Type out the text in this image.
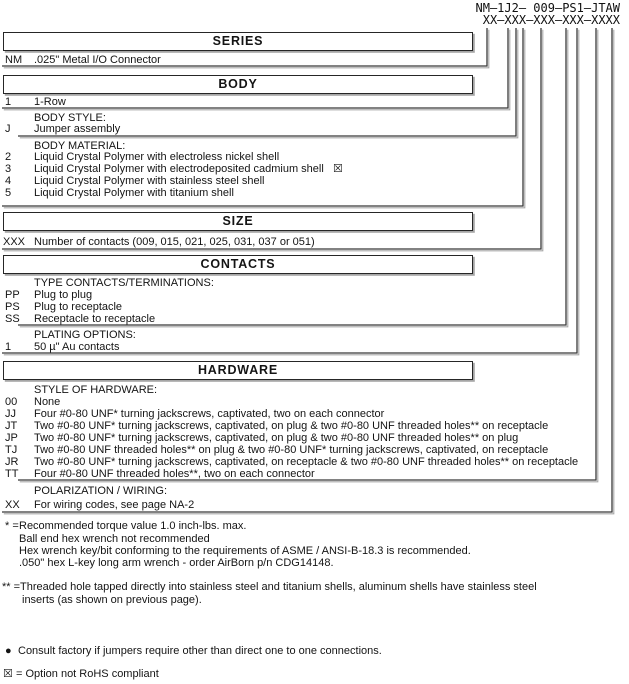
NM–1J2– 009–PS1–JTAW
XX–XXX–XXX–XXX–XXXX
SERIES
NM .025" Metal I/O Connector
BODY
1 1-Row
BODY STYLE:
J Jumper assembly
BODY MATERIAL:
2 Liquid Crystal Polymer with electroless nickel shell
3 Liquid Crystal Polymer with electrodeposited cadmium shell ☒
4 Liquid Crystal Polymer with stainless steel shell
5 Liquid Crystal Polymer with titanium shell
SIZE
XXX Number of contacts (009, 015, 021, 025, 031, 037 or 051)
CONTACTS
TYPE CONTACTS/TERMINATIONS:
PP Plug to plug
PS Plug to receptacle
SS Receptacle to receptacle
PLATING OPTIONS:
1 50 µ" Au contacts
HARDWARE
STYLE OF HARDWARE:
00 None
JJ Four #0-80 UNF* turning jackscrews, captivated, two on each connector
JT Two #0-80 UNF* turning jackscrews, captivated, on plug & two #0-80 UNF threaded holes** on receptacle
JP Two #0-80 UNF* turning jackscrews, captivated, on plug & two #0-80 UNF threaded holes** on plug
TJ Two #0-80 UNF threaded holes** on plug & two #0-80 UNF* turning jackscrews, captivated, on receptacle
JR Two #0-80 UNF* turning jackscrews, captivated, on receptacle & two #0-80 UNF threaded holes** on receptacle
TT Four #0-80 UNF threaded holes**, two on each connector
POLARIZATION / WIRING:
XX For wiring codes, see page NA-2
* = Recommended torque value 1.0 inch-lbs. max.
Ball end hex wrench not recommended
Hex wrench key/bit conforming to the requirements of ASME / ANSI-B-18.3 is recommended.
.050" hex L-key long arm wrench - order AirBorn p/n CDG14148.
** = Threaded hole tapped directly into stainless steel and titanium shells, aluminum shells have stainless steel
inserts (as shown on previous page).
● Consult factory if jumpers require other than direct one to one connections.
☒ = Option not RoHS compliant
